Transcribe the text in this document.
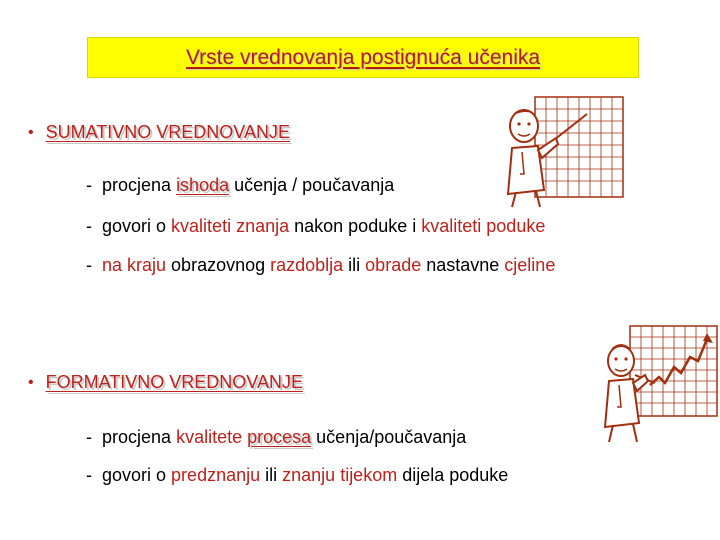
Vrste vrednovanja postignuća učenika
• SUMATIVNO VREDNOVANJE
- procjena ishoda učenja / poučavanja
- govori o kvaliteti znanja nakon poduke i kvaliteti poduke
- na kraju obrazovnog razdoblja ili obrade nastavne cjeline
• FORMATIVNO VREDNOVANJE
- procjena kvalitete procesa učenja/poučavanja
- govori o predznanju ili znanju tijekom dijela poduke
